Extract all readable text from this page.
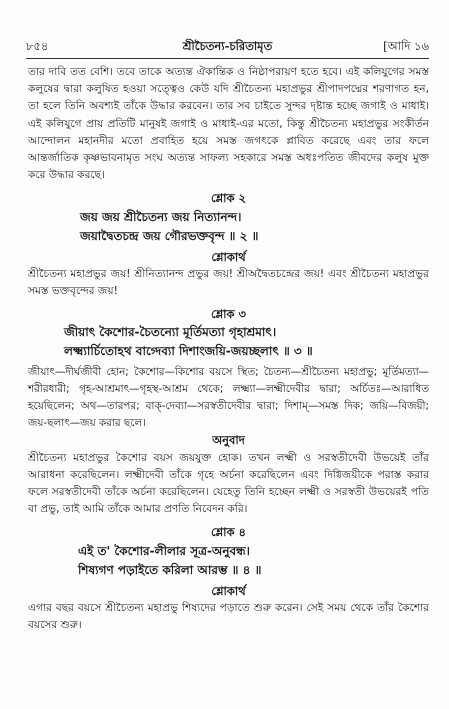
৮৫৪	শ্রীচৈতন্য-চরিতামৃত	[আদি ১৬

তার দাবি তত বেশি। তবে তাকে অত্যন্ত ঐকান্তিক ও নিষ্ঠাপরায়ণ হতে হবে। এই কলিযুগের সমস্ত কলুষের দ্বারা কলুষিত হওয়া সত্ত্বেও কেউ যদি শ্রীচৈতন্য মহাপ্রভুর শ্রীপাদপদ্মের শরণাগত হন, তা হলে তিনি অবশ্যই তাঁকে উদ্ধার করবেন। তার সব চাইতে সুন্দর দৃষ্টান্ত হচ্ছে জগাই ও মাধাই। এই কলিযুগে প্রায় প্রতিটি মানুষই জগাই ও মাধাই-এর মতো, কিন্তু শ্রীচৈতন্য মহাপ্রভুর সংকীর্তন আন্দোলন মহানদীর মতো প্রবাহিত হয়ে সমস্ত জগৎকে প্লাবিত করেছে এবং তার ফলে আন্তর্জাতিক কৃষ্ণভাবনামৃত সংঘ অত্যন্ত সাফল্য সহকারে সমস্ত অধঃপতিত জীবদের কলুষ মুক্ত করে উদ্ধার করছে।

শ্লোক ২

জয় জয় শ্রীচৈতন্য জয় নিত্যানন্দ।
জয়াদ্বৈতচন্দ্র জয় গৌরভক্তবৃন্দ ॥ ২ ॥

শ্লোকার্থ

শ্রীচৈতন্য মহাপ্রভুর জয়! শ্রীনিত্যানন্দ প্রভুর জয়! শ্রীঅদ্বৈতচন্দ্রের জয়! এবং শ্রীচৈতন্য মহাপ্রভুর সমস্ত ভক্তবৃন্দের জয়!

শ্লোক ৩

জীয়াৎ কৈশোর-চৈতন্যো মূর্তিমত্যা গৃহাশ্রমাৎ।
লক্ষ্ম্যার্চিতোহথ বাগ্দেব্যা দিশাংজয়ি-জয়চ্ছলাৎ ॥ ৩ ॥

জীয়াৎ—দীর্ঘজীবী হোন; কৈশোর—কিশোর বয়সে স্থিত; চৈতন্য—শ্রীচৈতন্য মহাপ্রভু; মূর্তিমত্যা—শরীরধারী; গৃহ-আশ্রমাৎ—গৃহস্থ-আশ্রম থেকে; লক্ষ্ম্যা—লক্ষ্মীদেবীর দ্বারা; অর্চিতঃ—আরাধিত হয়েছিলেন; অথ—তারপর; বাক্-দেব্যা—সরস্বতীদেবীর দ্বারা; দিশাম্—সমস্ত দিক; জয়ি—বিজয়ী; জয়-ছলাৎ—জয় করার ছলে।

অনুবাদ

শ্রীচৈতন্য মহাপ্রভুর কৈশোর বয়স জয়যুক্ত হোক। তখন লক্ষ্মী ও সরস্বতীদেবী উভয়েই তাঁর আরাধনা করেছিলেন। লক্ষ্মীদেবী তাঁকে গৃহে অর্চনা করেছিলেন এবং দিগ্বিজয়ীকে পরাস্ত করার ফলে সরস্বতীদেবী তাঁকে অর্চনা করেছিলেন। যেহেতু তিনি হচ্ছেন লক্ষ্মী ও সরস্বতী উভয়েরই পতি বা প্রভু, তাই আমি তাঁকে আমার প্রণতি নিবেদন করি।

শ্লোক ৪

এই ত' কৈশোর-লীলার সূত্র-অনুবন্ধ।
শিষ্যগণ পড়াইতে করিলা আরম্ভ ॥ ৪ ॥

শ্লোকার্থ

এগার বছর বয়সে শ্রীচৈতন্য মহাপ্রভু শিষ্যদের পড়াতে শুরু করেন। সেই সময় থেকে তাঁর কৈশোর বয়সের শুরু।
